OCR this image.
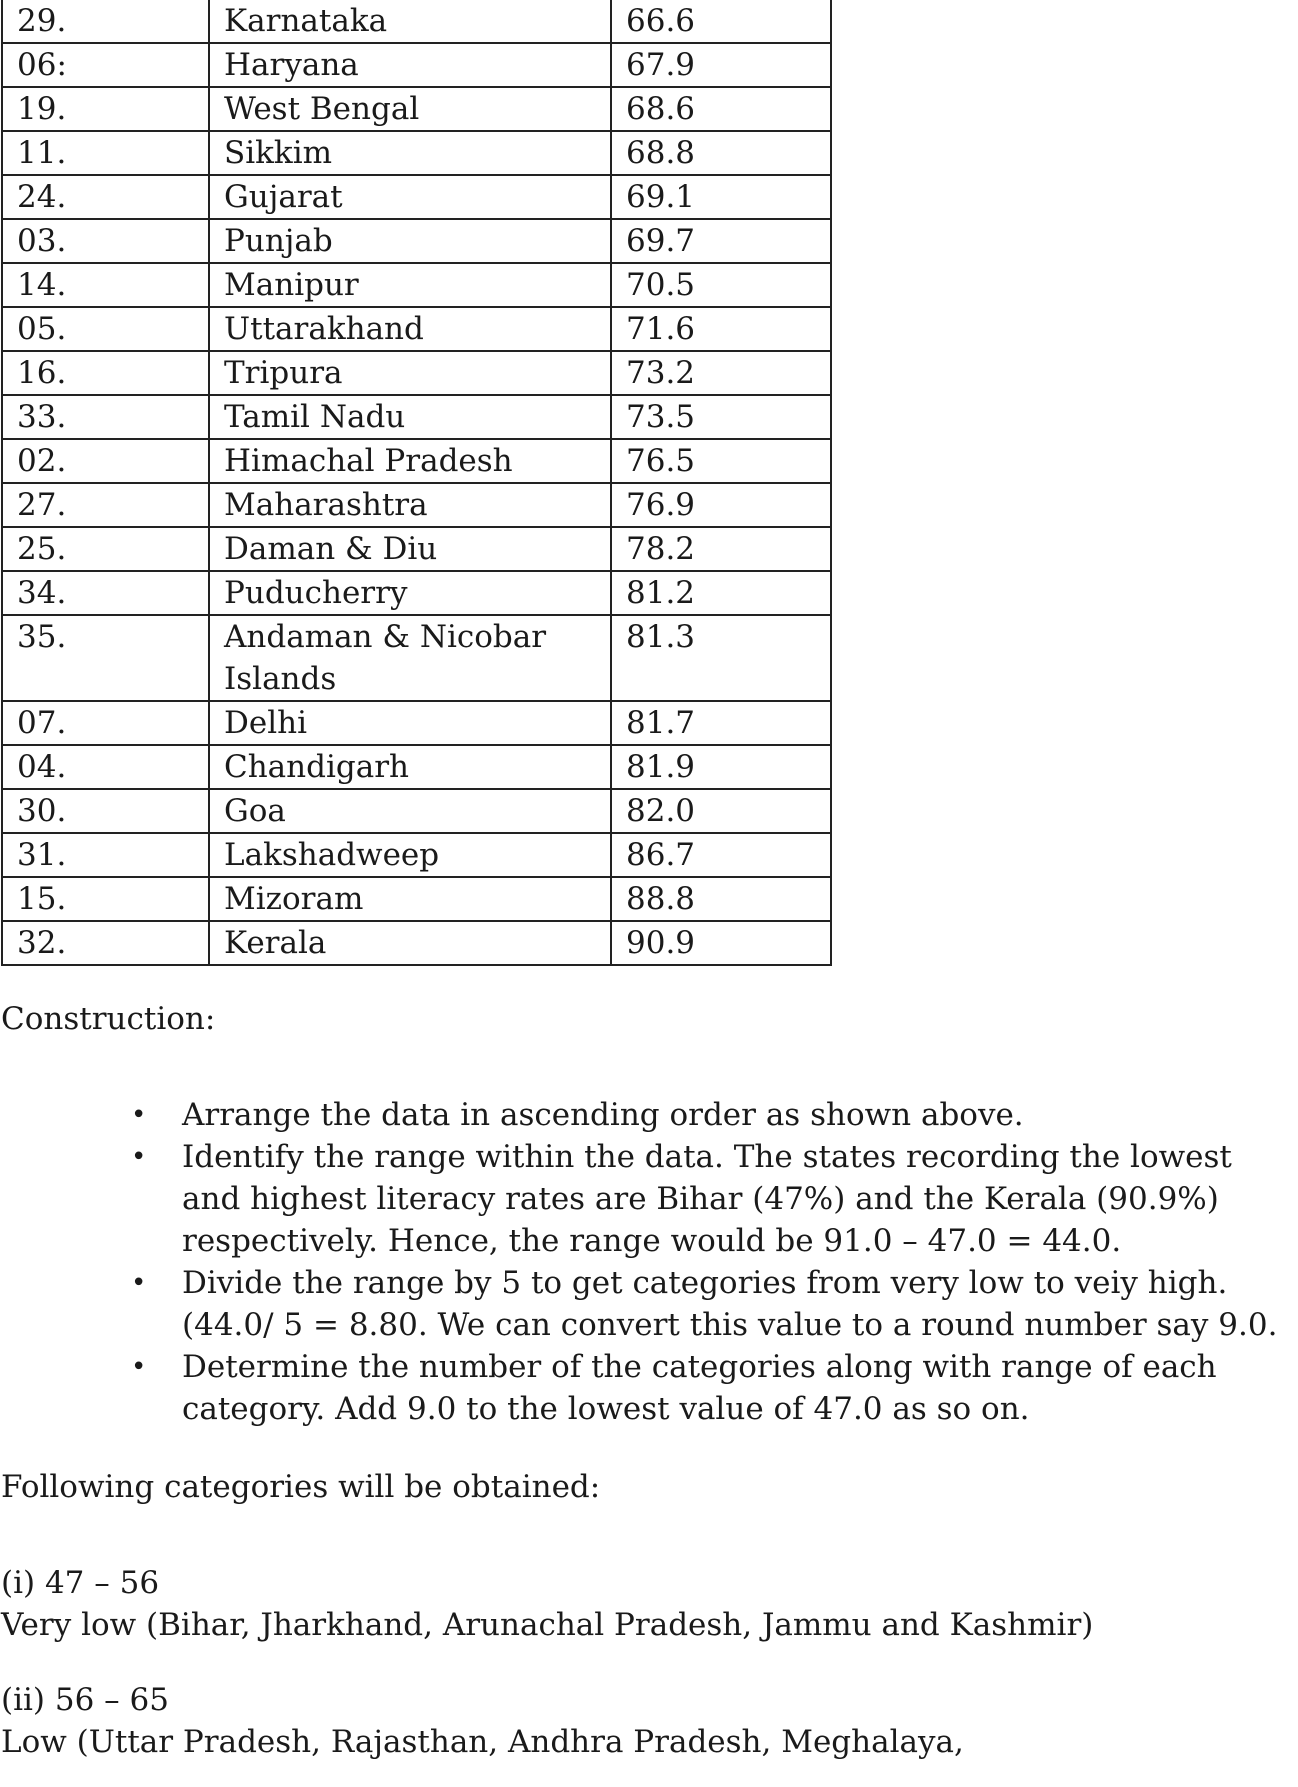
29.	Karnataka	66.6
06:	Haryana	67.9
19.	West Bengal	68.6
11.	Sikkim	68.8
24.	Gujarat	69.1
03.	Punjab	69.7
14.	Manipur	70.5
05.	Uttarakhand	71.6
16.	Tripura	73.2
33.	Tamil Nadu	73.5
02.	Himachal Pradesh	76.5
27.	Maharashtra	76.9
25.	Daman & Diu	78.2
34.	Puducherry	81.2
35.	Andaman & Nicobar Islands	81.3
07.	Delhi	81.7
04.	Chandigarh	81.9
30.	Goa	82.0
31.	Lakshadweep	86.7
15.	Mizoram	88.8
32.	Kerala	90.9

Construction:

• Arrange the data in ascending order as shown above.
• Identify the range within the data. The states recording the lowest and highest literacy rates are Bihar (47%) and the Kerala (90.9%) respectively. Hence, the range would be 91.0 – 47.0 = 44.0.
• Divide the range by 5 to get categories from very low to veiy high. (44.0/ 5 = 8.80. We can convert this value to a round number say 9.0.
• Determine the number of the categories along with range of each category. Add 9.0 to the lowest value of 47.0 as so on.

Following categories will be obtained:

(i) 47 – 56

Very low (Bihar, Jharkhand, Arunachal Pradesh, Jammu and Kashmir)

(ii) 56 – 65

Low (Uttar Pradesh, Rajasthan, Andhra Pradesh, Meghalaya,
